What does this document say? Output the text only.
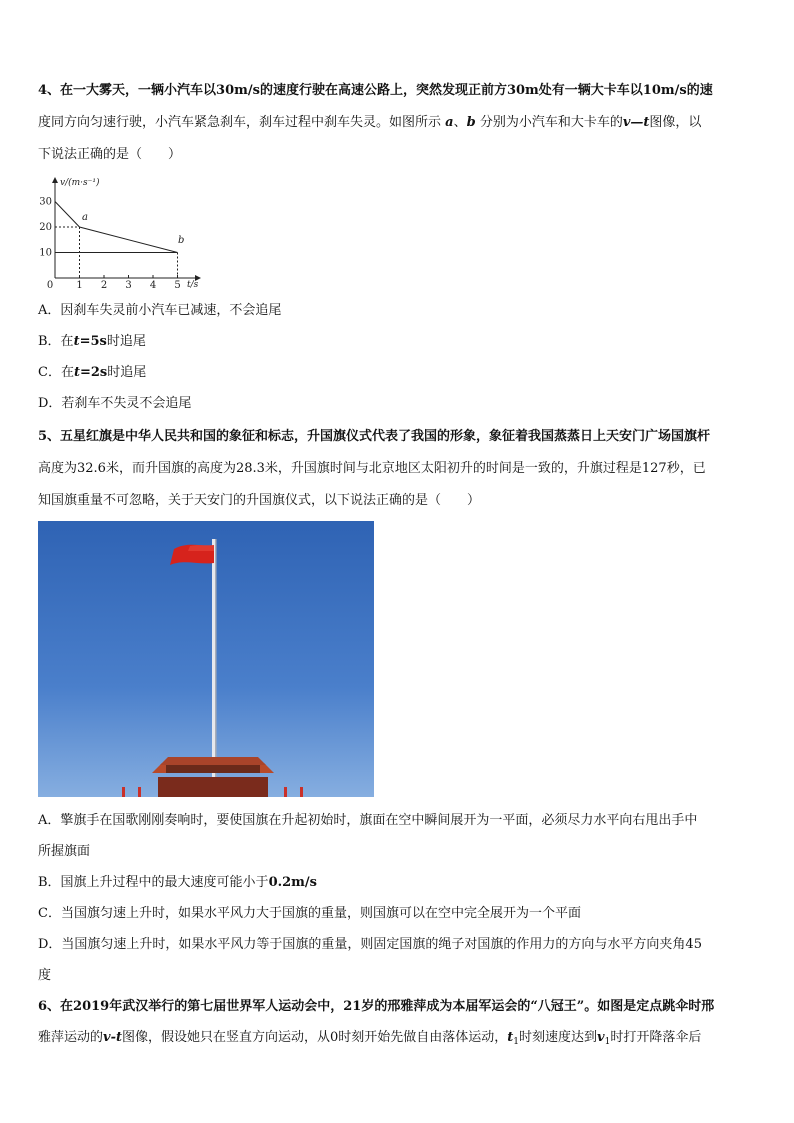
4、在一大雾天，一辆小汽车以30m/s的速度行驶在高速公路上，突然发现正前方30m处有一辆大卡车以10m/s的速
度同方向匀速行驶，小汽车紧急刹车，刹车过程中刹车失灵。如图所示 a、b 分别为小汽车和大卡车的v—t图像，以
下说法正确的是（　　）
v/(m·s⁻¹)
t/s
30
20
10
0 1 2 3 4 5
a
b
A．因刹车失灵前小汽车已减速，不会追尾
B．在t=5s时追尾
C．在t=2s时追尾
D．若刹车不失灵不会追尾
5、五星红旗是中华人民共和国的象征和标志，升国旗仪式代表了我国的形象，象征着我国蒸蒸日上天安门广场国旗杆
高度为32.6米，而升国旗的高度为28.3米，升国旗时间与北京地区太阳初升的时间是一致的，升旗过程是127秒，已
知国旗重量不可忽略，关于天安门的升国旗仪式，以下说法正确的是（　　）
A．擎旗手在国歌刚刚奏响时，要使国旗在升起初始时，旗面在空中瞬间展开为一平面，必须尽力水平向右甩出手中
所握旗面
B．国旗上升过程中的最大速度可能小于0.2m/s
C．当国旗匀速上升时，如果水平风力大于国旗的重量，则国旗可以在空中完全展开为一个平面
D．当国旗匀速上升时，如果水平风力等于国旗的重量，则固定国旗的绳子对国旗的作用力的方向与水平方向夹角45
度
6、在2019年武汉举行的第七届世界军人运动会中，21岁的邢雅萍成为本届军运会的“八冠王”。如图是定点跳伞时邢
雅萍运动的v-t图像，假设她只在竖直方向运动，从0时刻开始先做自由落体运动，$t_1$时刻速度达到$v_1$时打开降落伞后
